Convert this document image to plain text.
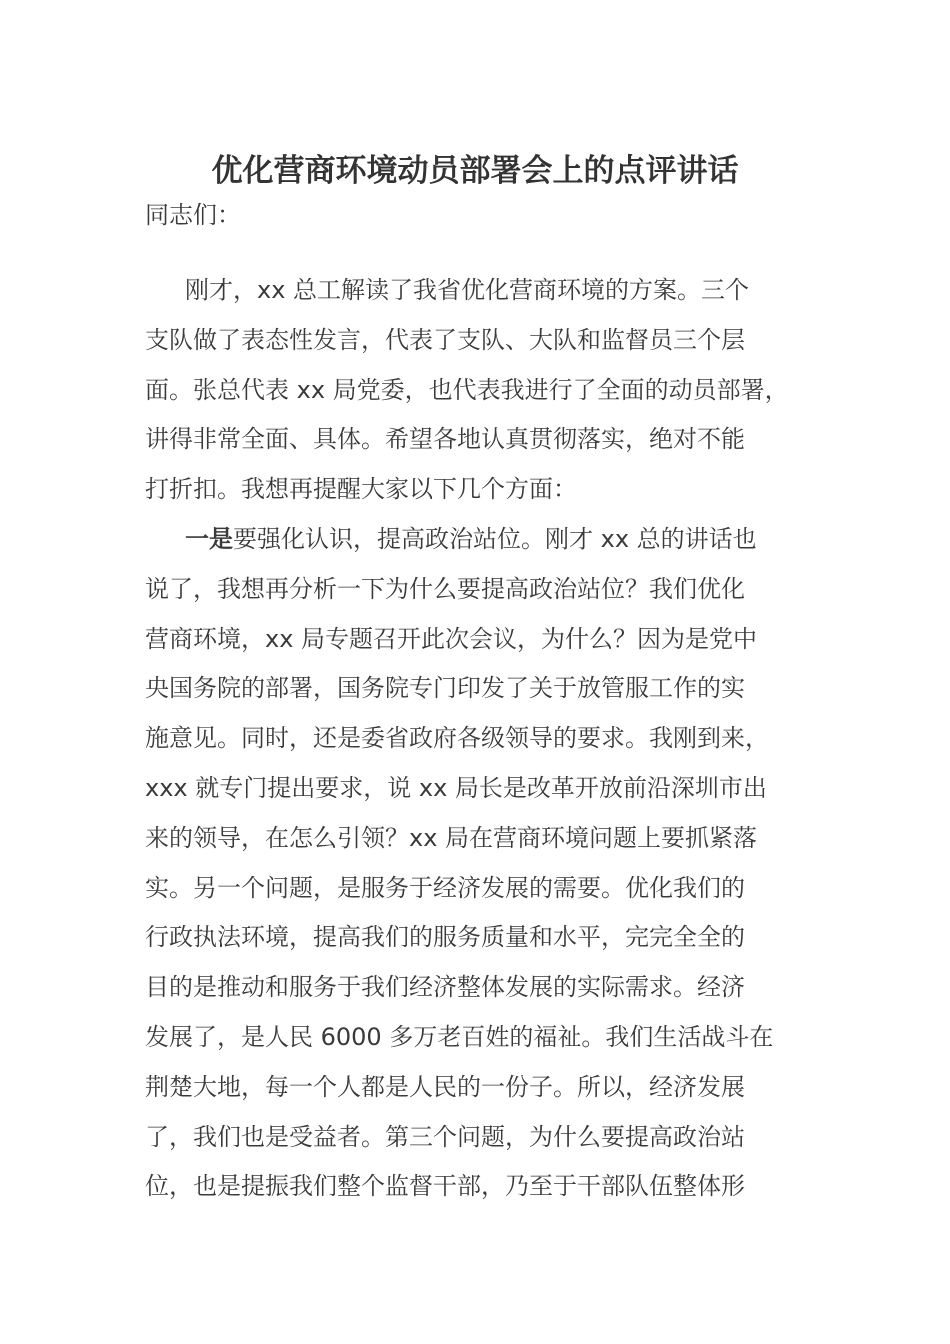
优化营商环境动员部署会上的点评讲话
同志们：
刚才，xx 总工解读了我省优化营商环境的方案。三个
支队做了表态性发言，代表了支队、大队和监督员三个层
面。张总代表 xx 局党委，也代表我进行了全面的动员部署，
讲得非常全面、具体。希望各地认真贯彻落实，绝对不能
打折扣。我想再提醒大家以下几个方面：
一是要强化认识，提高政治站位。刚才 xx 总的讲话也
说了，我想再分析一下为什么要提高政治站位？我们优化
营商环境，xx 局专题召开此次会议，为什么？因为是党中
央国务院的部署，国务院专门印发了关于放管服工作的实
施意见。同时，还是委省政府各级领导的要求。我刚到来，
xxx 就专门提出要求，说 xx 局长是改革开放前沿深圳市出
来的领导，在怎么引领？xx 局在营商环境问题上要抓紧落
实。另一个问题，是服务于经济发展的需要。优化我们的
行政执法环境，提高我们的服务质量和水平，完完全全的
目的是推动和服务于我们经济整体发展的实际需求。经济
发展了，是人民 6000 多万老百姓的福祉。我们生活战斗在
荆楚大地，每一个人都是人民的一份子。所以，经济发展
了，我们也是受益者。第三个问题，为什么要提高政治站
位，也是提振我们整个监督干部，乃至于干部队伍整体形
